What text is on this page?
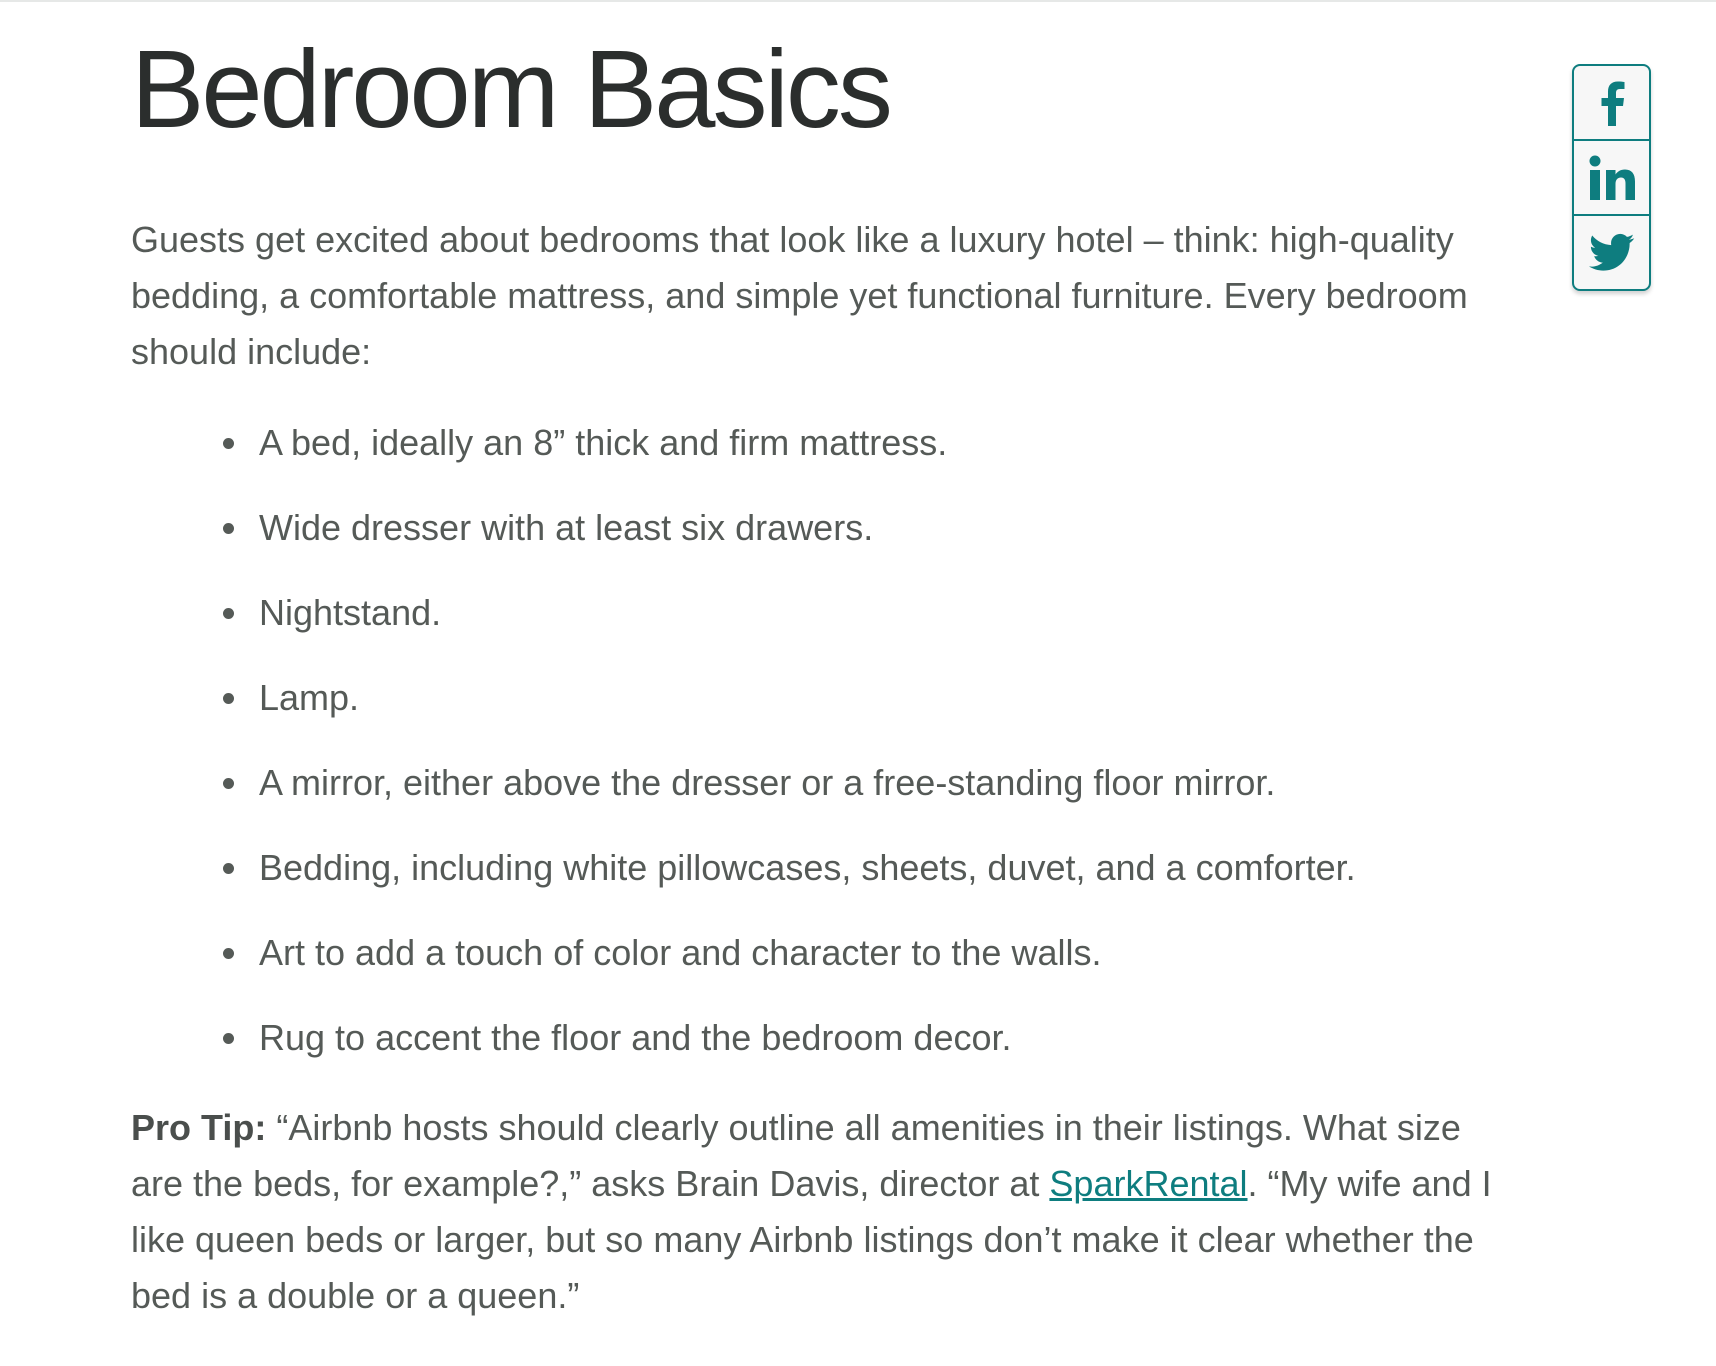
Bedroom Basics

Guests get excited about bedrooms that look like a luxury hotel – think: high-quality bedding, a comfortable mattress, and simple yet functional furniture. Every bedroom should include:

A bed, ideally an 8” thick and firm mattress.
Wide dresser with at least six drawers.
Nightstand.
Lamp.
A mirror, either above the dresser or a free-standing floor mirror.
Bedding, including white pillowcases, sheets, duvet, and a comforter.
Art to add a touch of color and character to the walls.
Rug to accent the floor and the bedroom decor.

Pro Tip: “Airbnb hosts should clearly outline all amenities in their listings. What size are the beds, for example?,” asks Brain Davis, director at SparkRental. “My wife and I like queen beds or larger, but so many Airbnb listings don’t make it clear whether the bed is a double or a queen.”
